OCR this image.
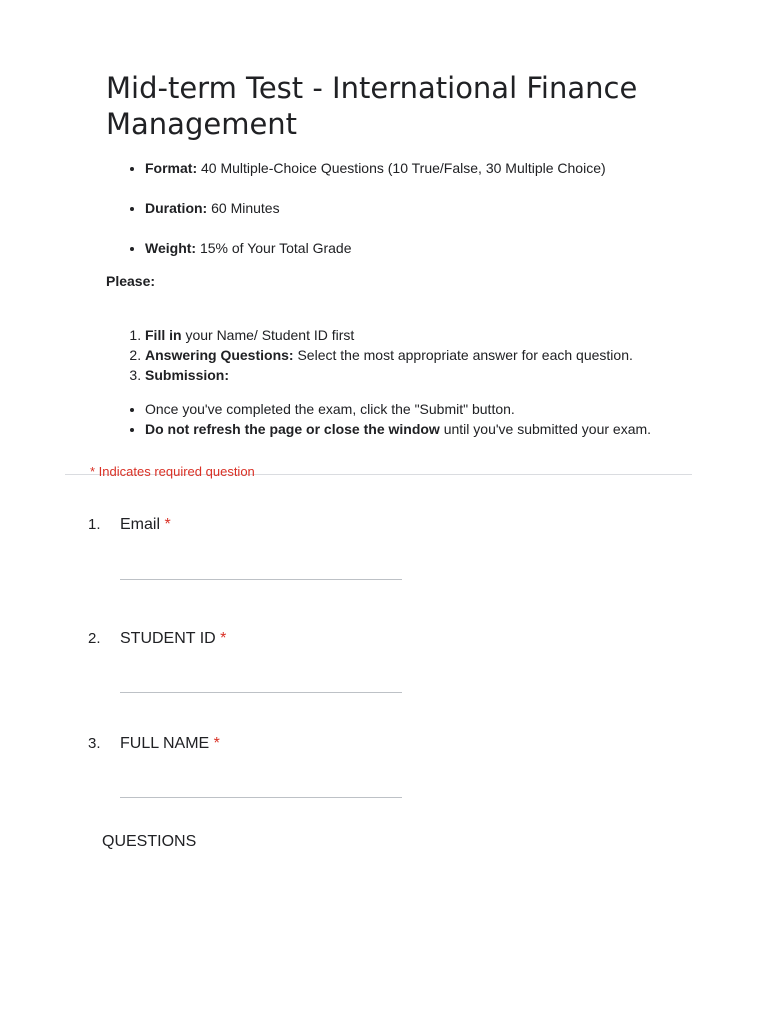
Mid-term Test - International Finance Management
• Format: 40 Multiple-Choice Questions (10 True/False, 30 Multiple Choice)
• Duration: 60 Minutes
• Weight: 15% of Your Total Grade

Please:

1. Fill in your Name/ Student ID first
2. Answering Questions: Select the most appropriate answer for each question.
3. Submission:
• Once you've completed the exam, click the "Submit" button.
• Do not refresh the page or close the window until you've submitted your exam.
* Indicates required question
1. Email *
2. STUDENT ID *
3. FULL NAME *
QUESTIONS
